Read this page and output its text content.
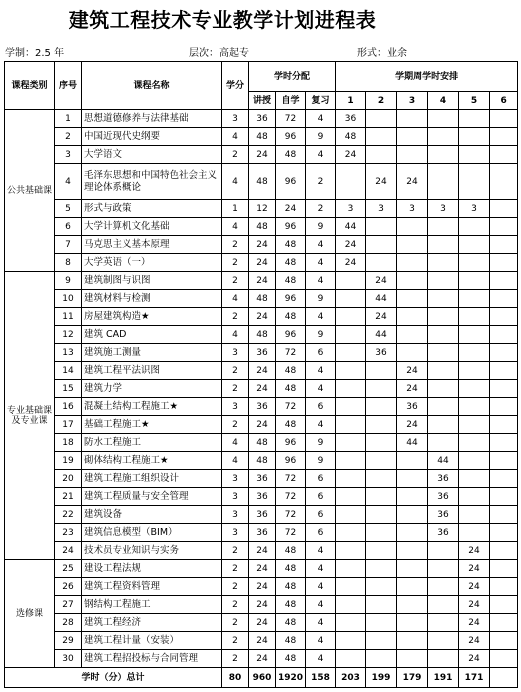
建筑工程技术专业教学计划进程表
学制：2.5 年	层次：高起专	形式：业余
课程类别	序号	课程名称	学分	学时分配			学期周学时安排					
				讲授	自学	复习	1	2	3	4	5	6
公共基础课	1	思想道德修养与法律基础	3	36	72	4	36					
	2	中国近现代史纲要	4	48	96	9	48					
	3	大学语文	2	24	48	4	24					
	4	毛泽东思想和中国特色社会主义理论体系概论	4	48	96	2		24	24			
	5	形式与政策	1	12	24	2	3	3	3	3	3	
	6	大学计算机文化基础	4	48	96	9	44					
	7	马克思主义基本原理	2	24	48	4	24					
	8	大学英语（一）	2	24	48	4	24					
专业基础课及专业课	9	建筑制图与识图	2	24	48	4		24				
	10	建筑材料与检测	4	48	96	9		44				
	11	房屋建筑构造★	2	24	48	4		24				
	12	建筑 CAD	4	48	96	9		44				
	13	建筑施工测量	3	36	72	6		36				
	14	建筑工程平法识图	2	24	48	4			24			
	15	建筑力学	2	24	48	4			24			
	16	混凝土结构工程施工★	3	36	72	6			36			
	17	基础工程施工★	2	24	48	4			24			
	18	防水工程施工	4	48	96	9			44			
	19	砌体结构工程施工★	4	48	96	9				44		
	20	建筑工程施工组织设计	3	36	72	6				36		
	21	建筑工程质量与安全管理	3	36	72	6				36		
	22	建筑设备	3	36	72	6				36		
	23	建筑信息模型（BIM）	3	36	72	6				36		
	24	技术员专业知识与实务	2	24	48	4					24	
选修课	25	建设工程法规	2	24	48	4					24	
	26	建筑工程资料管理	2	24	48	4					24	
	27	钢结构工程施工	2	24	48	4					24	
	28	建筑工程经济	2	24	48	4					24	
	29	建筑工程计量（安装）	2	24	48	4					24	
	30	建筑工程招投标与合同管理	2	24	48	4					24	
学时（分）总计			80	960	1920	158	203	199	179	191	171	
